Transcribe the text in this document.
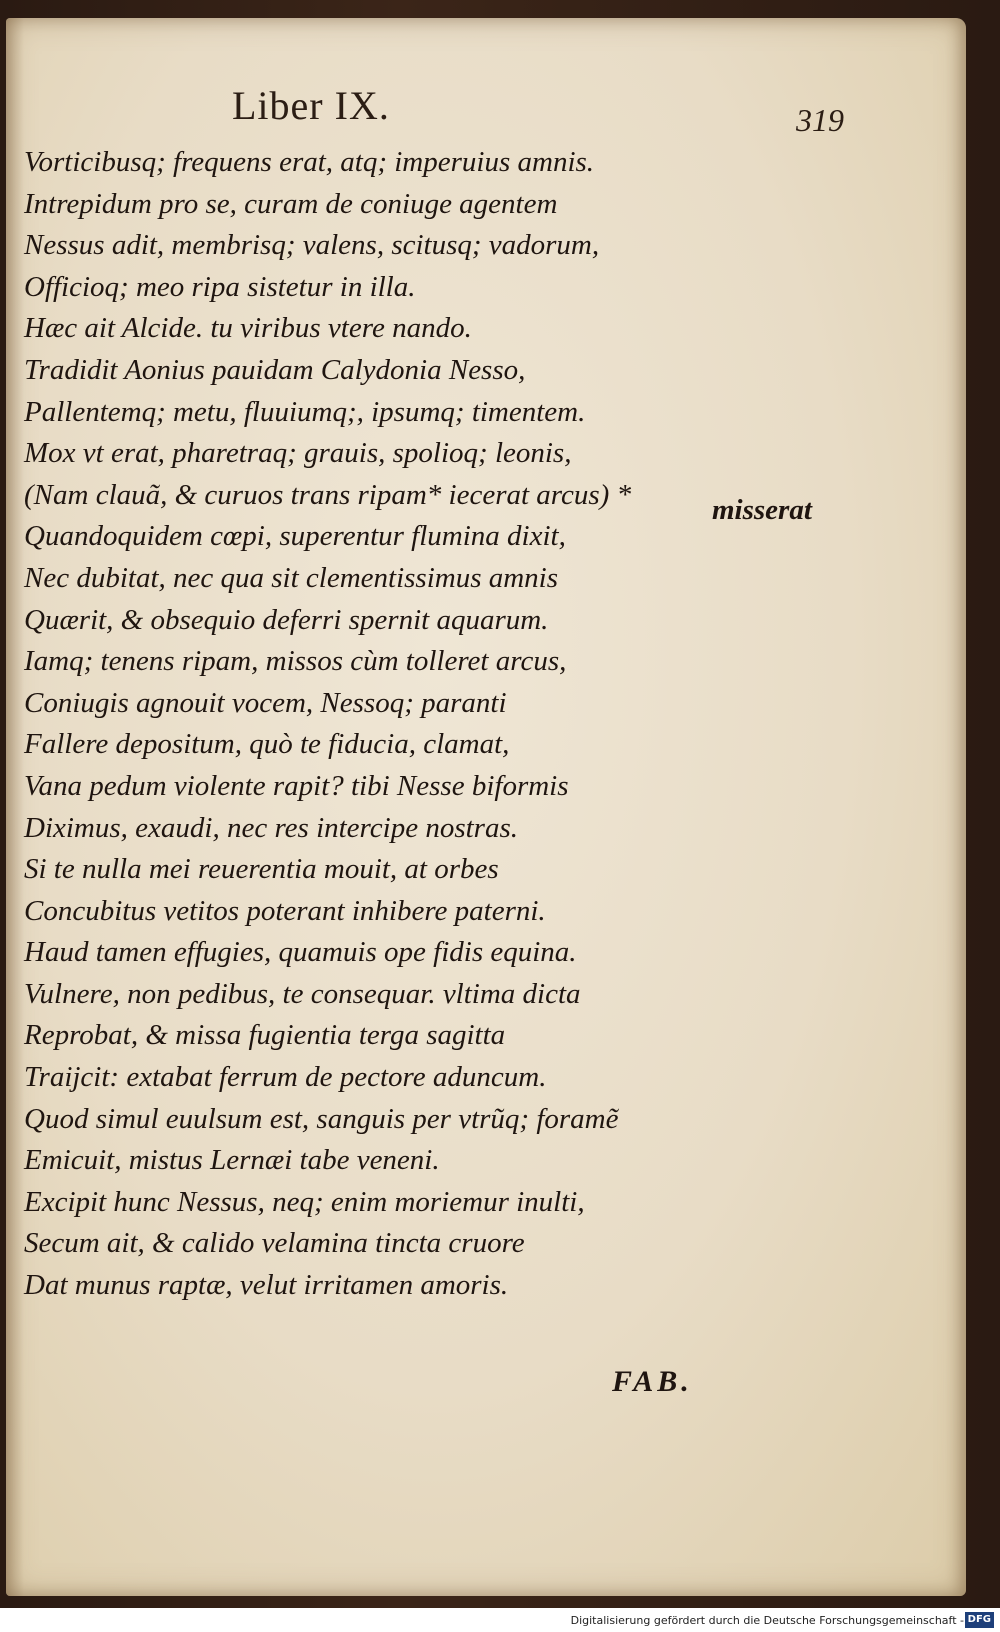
Liber IX.	319
Vorticibusq; frequens erat, atq; imperuius amnis.
Intrepidum pro se, curam de coniuge agentem
Nessus adit, membrisq; valens, scitusq; vadorum,
Officioq; meo ripa sistetur in illa.
Hæc ait Alcide. tu viribus vtere nando.
Tradidit Aonius pauidam Calydonia Nesso,
Pallentemq; metu, fluuiumq;, ipsumq; timentem.
Mox vt erat, pharetraq; grauis, spolioq; leonis,
(Nam clauã, & curuos trans ripam* iecerat arcus) *
Quandoquidem cœpi, superentur flumina dixit,
Nec dubitat, nec qua sit clementissimus amnis
Quærit, & obsequio deferri spernit aquarum.
Iamq; tenens ripam, missos cùm tolleret arcus,
Coniugis agnouit vocem, Nessoq; paranti
Fallere depositum, quò te fiducia, clamat,
Vana pedum violente rapit? tibi Nesse biformis
Diximus, exaudi, nec res intercipe nostras.
Si te nulla mei reuerentia mouit, at orbes
Concubitus vetitos poterant inhibere paterni.
Haud tamen effugies, quamuis ope fidis equina.
Vulnere, non pedibus, te consequar. vltima dicta
Reprobat, & missa fugientia terga sagitta
Traijcit: extabat ferrum de pectore aduncum.
Quod simul euulsum est, sanguis per vtrũq; foramẽ
Emicuit, mistus Lernæi tabe veneni.
Excipit hunc Nessus, neq; enim moriemur inulti,
Secum ait, & calido velamina tincta cruore
Dat munus raptæ, velut irritamen amoris.
misserat
FAB.
Digitalisierung gefördert durch die Deutsche Forschungsgemeinschaft - DFG
